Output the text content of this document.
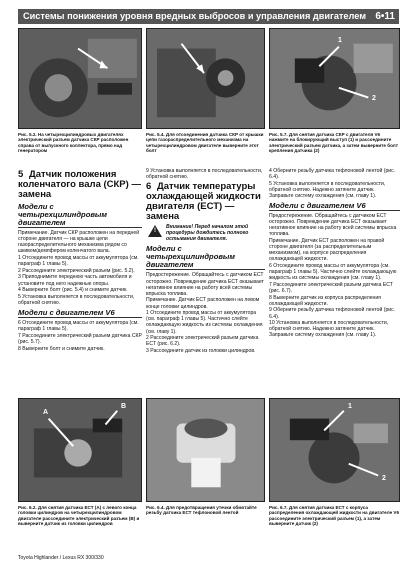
Системы понижения уровня вредных выбросов и управления двигателем 6•11
1
2

Рис. 5.2. На четырехцилиндровых двигателях электрический разъем датчика СКР расположен справа от выпускного коллектора, прямо над генератором

Рис. 5.4. Для отсоединения датчика СКР от крышки цепи газораспределительного механизма на четырехцилиндровом двигателе выверните этот болт

Рис. 5.7. Для снятия датчика СКР с двигателя V6 нажмите на блокирующий выступ (1) и рассоедините электрический разъем датчика, а затем выверните болт крепления датчика (2)

5 Датчик положения коленчатого вала (СКР) — замена
Модели с четырехцилиндровым двигателем

Примечание. Датчик СКР расположен на передней стороне двигателя — на крышке цепи газораспределительного механизма рядом со шкивом/демпфером коленчатого вала.

1 Отсоедините провод массы от аккумулятора (см. параграф 1 главы 5).

2 Рассоедините электрический разъем (рис. 5.2).

3 Приподнимите переднюю часть автомобиля и установите под него надежные опоры.

4 Выверните болт (рис. 5.4) и снимите датчик.

5 Установка выполняется в последовательности, обратной снятию.

Модели с двигателем V6

6 Отсоедините провод массы от аккумулятора (см. параграф 1 главы 5).

7 Рассоедините электрический разъем датчика СКР (рис. 5.7).

8 Выверните болт и снимите датчик.

9 Установка выполняется в последовательности, обратной снятию.

6 Датчик температуры охлаждающей жидкости двигателя (ЕСТ) — замена
!
Внимание! Перед началом этой процедуры дождитесь полного остывания двигателя.
Модели с четырехцилиндровым двигателем

Предостережение. Обращайтесь с датчиком ЕСТ осторожно. Повреждение датчика ЕСТ оказывает негативное влияние на работу всей системы впрыска топлива.

Примечание. Датчик ЕСТ расположен на левом конце головки цилиндров.

1 Отсоедините провод массы от аккумулятора (см. параграф 1 главы 5). Частично слейте охлаждающую жидкость из системы охлаждения (см. главу 1).

2 Рассоедините электрический разъем датчика ЕСТ (рис. 6.2).

3 Рассоедините датчик из головки цилиндров.

4 Оберните резьбу датчика тефлоновой лентой (рис. 6.4).

5 Установка выполняется в последовательности, обратной снятию. Надежно затяните датчик. Заправьте систему охлаждения (см. главу 1).

Модели с двигателем V6

Предостережение. Обращайтесь с датчиком ЕСТ осторожно. Повреждение датчика ЕСТ оказывает негативное влияние на работу всей системы впрыска топлива.

Примечание. Датчик ЕСТ расположен на правой стороне двигателя (за распределительным механизмом), на корпусе распределения охлаждающей жидкости.

6 Отсоедините провод массы от аккумулятора (см. параграф 1 главы 5). Частично слейте охлаждающую жидкость из системы охлаждения (см. главу 1).

7 Рассоедините электрический разъем датчика ЕСТ (рис. 6.7).

8 Выверните датчик из корпуса распределения охлаждающей жидкости.

9 Оберните резьбу датчика тефлоновой лентой (рис. 6.4).

10 Установка выполняется в последовательности, обратной снятию. Надежно затяните датчик. Заправьте систему охлаждения (см. главу 1).

А
В	1
2

Рис. 6.2. Для снятия датчика ЕСТ (А) с левого конца головки цилиндров на четырехцилиндровом двигателе рассоедините электрический разъем (В) и выверните датчик из головки цилиндров

Рис. 6.4. Для предотвращения утечки обмотайте резьбу датчика ЕСТ тефлоновой лентой

Рис. 6.7. Для снятия датчика ЕСТ с корпуса распределения охлаждающей жидкости на двигателе V6 рассоедините электрический разъем (1), а затем выверните датчик (2)

Toyota Highlander / Lexus RX 300/330
